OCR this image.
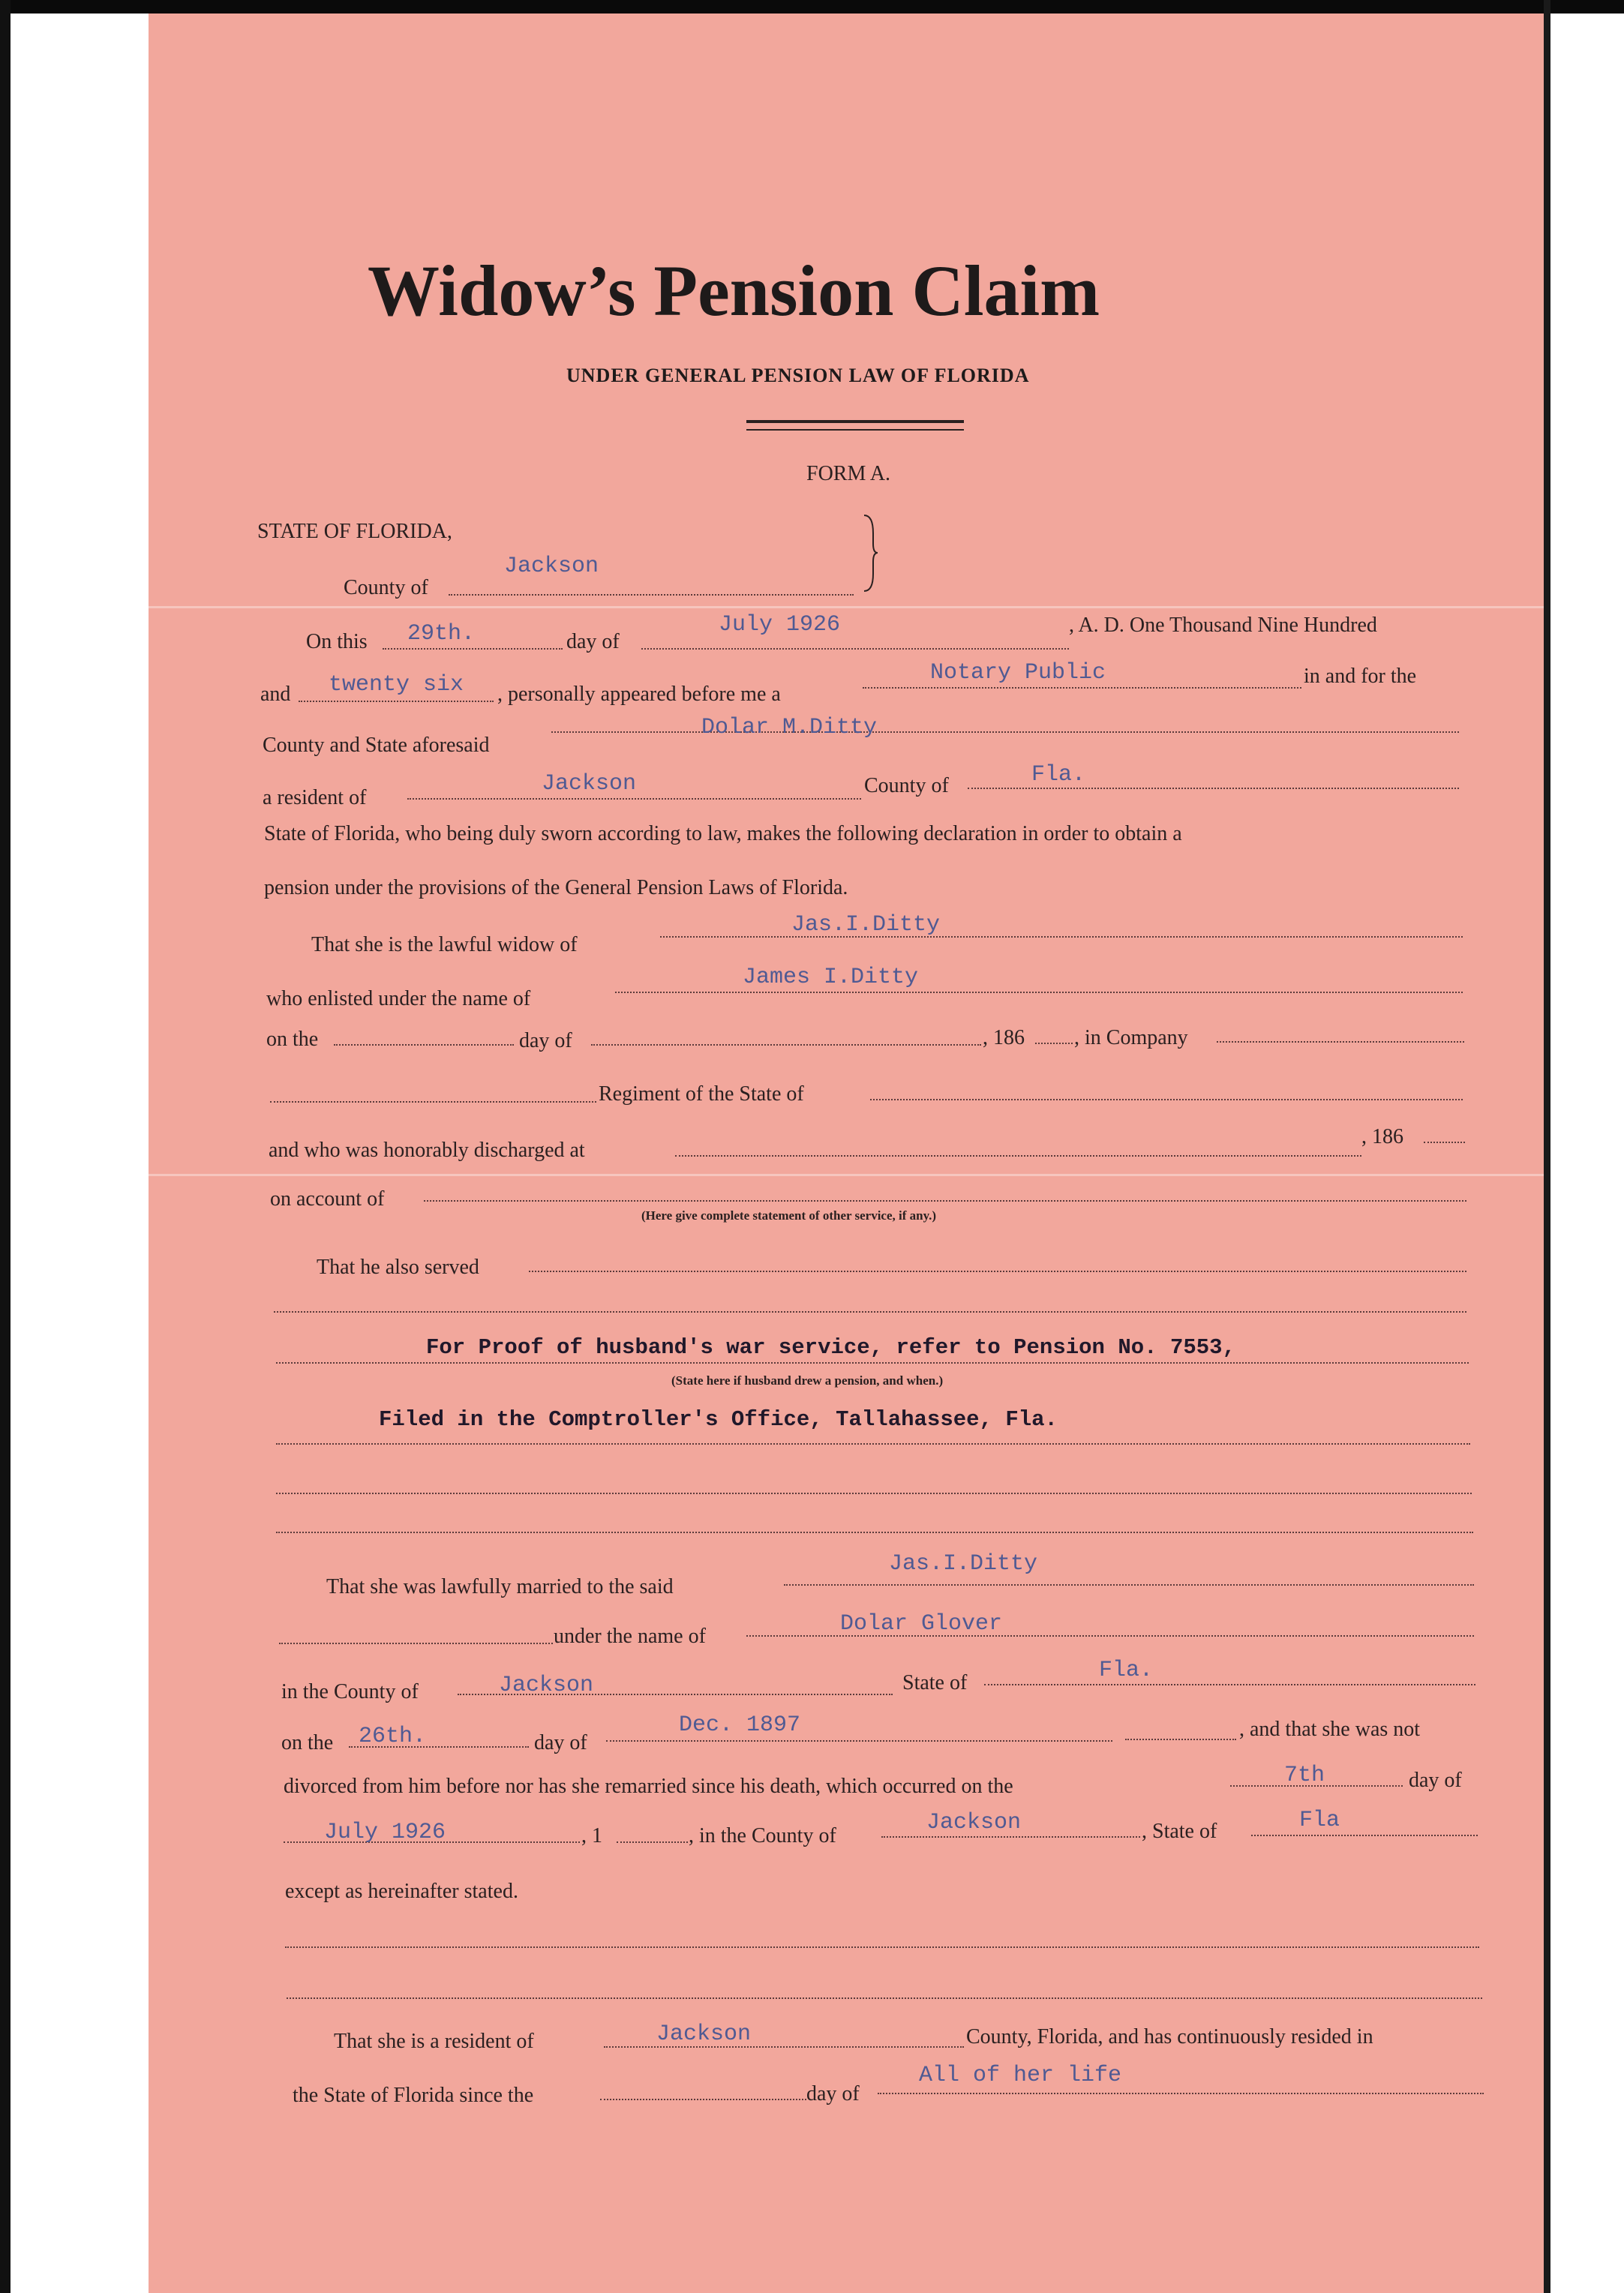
Widow’s Pension Claim
UNDER GENERAL PENSION LAW OF FLORIDA
FORM A.
STATE OF FLORIDA,
County of
Jackson
On this 29th.	day of
July 1926	, A. D. One Thousand Nine Hundred
and twenty six , personally appeared before me a
Notary Public	in and for the
County and State aforesaid
Dolar M.Ditty
a resident of
Jackson	County of	Fla.
State of Florida, who being duly sworn according to law, makes the following declaration in order to obtain a
pension under the provisions of the General Pension Laws of Florida.
That she is the lawful widow of
Jas.I.Ditty
who enlisted under the name of
James I.Ditty
on the	day of	, 186 , in Company
Regiment of the State of
and who was honorably discharged at
, 186
on account of
(Here give complete statement of other service, if any.)
That he also served
For Proof of husband's war service, refer to Pension No. 7553,
(State here if husband drew a pension, and when.)
Filed in the Comptroller's Office, Tallahassee, Fla.
That she was lawfully married to the said
Jas.I.Ditty
under the name of	Dolar Glover
in the County of	Jackson	State of	Fla.
on the 26th.	day of
Dec. 1897	, and that she was not
divorced from him before nor has she remarried since his death, which occurred on the	7th	day of
July 1926	, 1	, in the County of
Jackson	, State of	Fla
except as hereinafter stated.
That she is a resident of	Jackson	County, Florida, and has continuously resided in
the State of Florida since the	day of
All of her life
